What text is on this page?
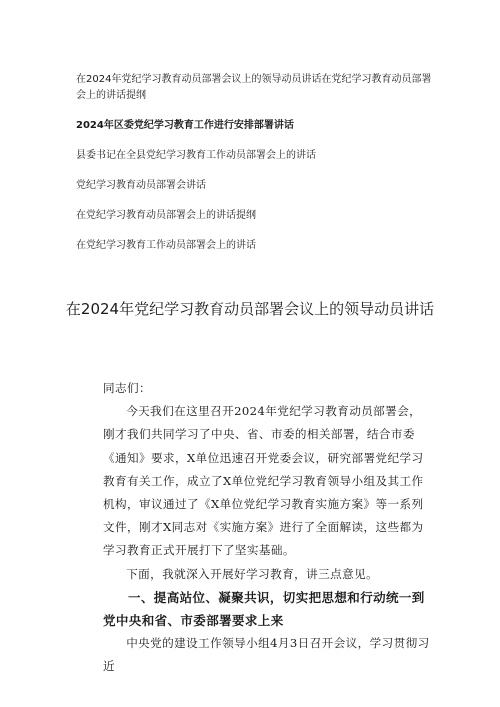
在2024年党纪学习教育动员部署会议上的领导动员讲话在党纪学习教育动员部署会上的讲话提纲
2024年区委党纪学习教育工作进行安排部署讲话
县委书记在全县党纪学习教育工作动员部署会上的讲话
党纪学习教育动员部署会讲话
在党纪学习教育动员部署会上的讲话提纲
在党纪学习教育工作动员部署会上的讲话
在2024年党纪学习教育动员部署会议上的领导动员讲话

同志们：

今天我们在这里召开2024年党纪学习教育动员部署会，刚才我们共同学习了中央、省、市委的相关部署，结合市委《通知》要求，X单位迅速召开党委会议，研究部署党纪学习教育有关工作，成立了X单位党纪学习教育领导小组及其工作机构，审议通过了《X单位党纪学习教育实施方案》等一系列文件，刚才X同志对《实施方案》进行了全面解读，这些都为学习教育正式开展打下了坚实基础。

下面，我就深入开展好学习教育，讲三点意见。

一、提高站位、凝聚共识，切实把思想和行动统一到党中央和省、市委部署要求上来

中央党的建设工作领导小组4月3日召开会议，学习贯彻习近
